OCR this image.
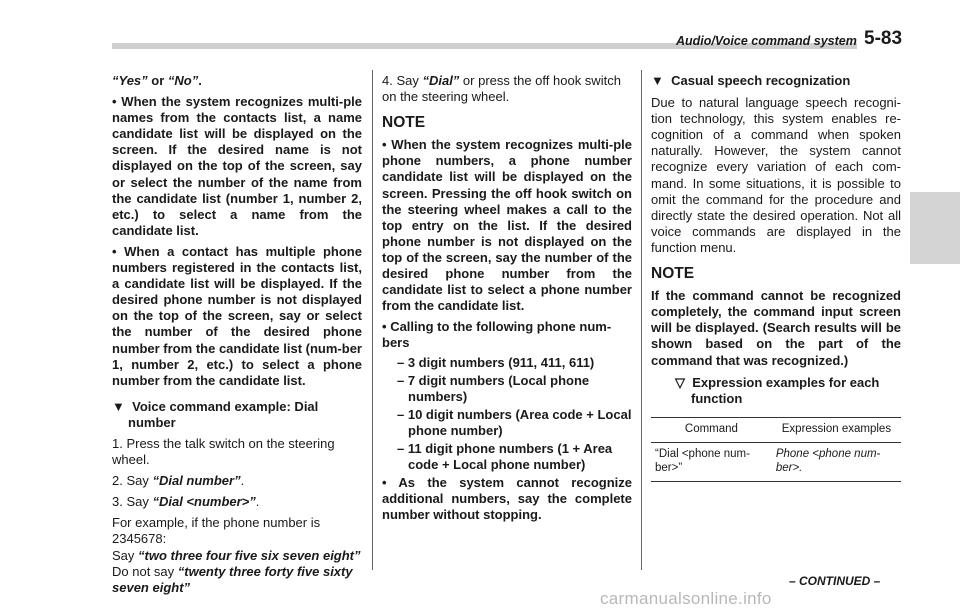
Audio/Voice command system 5-83

“Yes” or “No”.

• When the system recognizes multi-ple names from the contacts list, a name candidate list will be displayed on the screen. If the desired name is not displayed on the top of the screen, say or select the number of the name from the candidate list (number 1, number 2, etc.) to select a name from the candidate list.

• When a contact has multiple phone numbers registered in the contacts list, a candidate list will be displayed. If the desired phone number is not displayed on the top of the screen, say or select the number of the desired phone number from the candidate list (num-ber 1, number 2, etc.) to select a phone number from the candidate list.

▼ Voice command example: Dial number

1. Press the talk switch on the steering wheel.

2. Say “Dial number”.

3. Say “Dial <number>”.

For example, if the phone number is 2345678:

Say “two three four five six seven eight”

Do not say “twenty three forty five sixty seven eight”

4. Say “Dial” or press the off hook switch on the steering wheel.

NOTE

• When the system recognizes multi-ple phone numbers, a phone number candidate list will be displayed on the screen. Pressing the off hook switch on the steering wheel makes a call to the top entry on the list. If the desired phone number is not displayed on the top of the screen, say the number of the desired phone number from the candidate list to select a phone number from the candidate list.

• Calling to the following phone num-bers

– 3 digit numbers (911, 411, 611)
– 7 digit numbers (Local phone numbers)
– 10 digit numbers (Area code + Local phone number)
– 11 digit phone numbers (1 + Area code + Local phone number)

• As the system cannot recognize additional numbers, say the complete number without stopping.

▼ Casual speech recognization

Due to natural language speech recogni-tion technology, this system enables re-cognition of a command when spoken naturally. However, the system cannot recognize every variation of each com-mand. In some situations, it is possible to omit the command for the procedure and directly state the desired operation. Not all voice commands are displayed in the function menu.

NOTE

If the command cannot be recognized completely, the command input screen will be displayed. (Search results will be shown based on the part of the command that was recognized.)

▽ Expression examples for each function

Command	Expression examples
“Dial <phone num-ber>”	Phone <phone num-ber>.
– CONTINUED –
carmanualsonline.info
